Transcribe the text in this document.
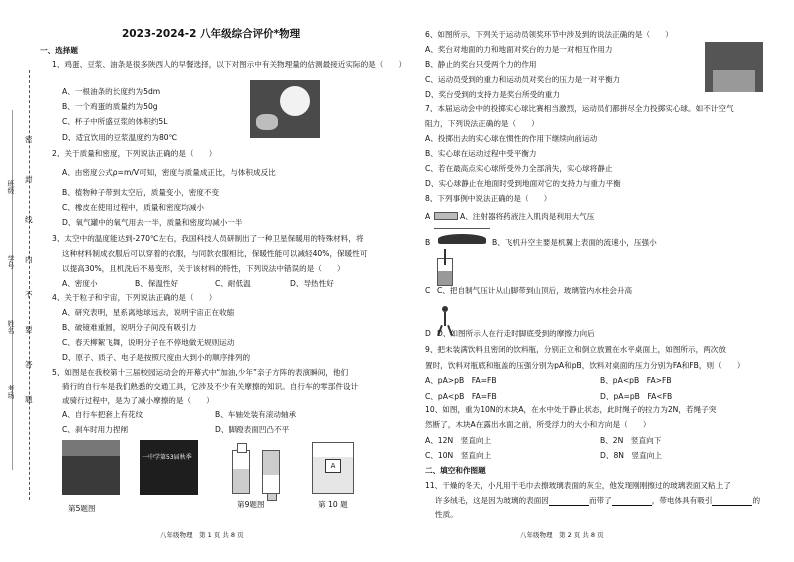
密
封
线
内
不
要
答
题
班级
学号
姓名
考场
2023-2024-2 八年级综合评价*物理
一、选择题
1、鸡蛋、豆浆、油条是很多陕西人的早餐选择，以下对图示中有关物理量的估测最接近实际的是（　　）
A、一根油条的长度约为5dm
B、一个鸡蛋的质量约为50g
C、杯子中所盛豆浆的体积约5L
D、适宜饮用的豆浆温度约为80℃
2、关于质量和密度，下列说法正确的是（　　）
A、由密度公式ρ=m/V可知，密度与质量成正比，与体积成反比
B、植物种子带到太空后，质量变小，密度不变
C、橡皮在使用过程中，质量和密度均减小
D、氧气罐中的氧气用去一半，质量和密度均减小一半
3、太空中的温度能达到-270℃左右，我国科技人员研制出了一种卫星保暖用的特殊材料，将
这种材料制成衣服后可以穿着的衣服，与同款衣服相比，保暖性能可以减轻40%，保暖性可
以提高30%，且机洗后不易变形，关于该材料的特性，下列说法中错误的是（　　）
A、密度小	B、保温性好	C、耐低温	D、导热性好
4、关于粒子和宇宙，下列说法正确的是（　　）
A、研究表明，星系离地球远去，说明宇宙正在收缩
B、破镜难重圆，说明分子间没有吸引力
C、春天柳絮飞舞，说明分子在不停地做无规则运动
D、原子、质子、电子是按照尺度由大到小的顺序排列的
5、如图是在我校第十三届校园运动会的开幕式中“加油,少年”亲子方阵的表演瞬间，他们
骑行的自行车是我们熟悉的交通工具，它涉及不少有关摩擦的知识。自行车的零部件设计
或骑行过程中，是为了减小摩擦的是（　　）
A、自行车把套上有花纹	B、车轴处装有滚动轴承
C、刹车时用力捏闸	D、脚蹬表面凹凸不平
一中学第53届秋季
A
第5题图	第9题图	第 10 题
八年级物理　第 1 页 共 8 页
6、如图所示，下列关于运动员领奖环节中涉及到的说法正确的是（　　）
A、奖台对地面的力和地面对奖台的力是一对相互作用力
B、静止的奖台只受两个力的作用
C、运动员受到的重力和运动员对奖台的压力是一对平衡力
D、奖台受到的支持力是奖台所受的重力
7、本届运动会中的投掷实心球比赛相当激烈，运动员们都拼尽全力投掷实心球。如不计空气
阻力，下列说法正确的是（　　）
A、投掷出去的实心球在惯性的作用下继续向前运动
B、实心球在运动过程中受平衡力
C、若在最高点实心球所受外力全部消失，实心球将静止
D、实心球静止在地面时受到地面对它的支持力与重力平衡
8、下列事例中说法正确的是（　　）
A	A、注射器将药液注入肌肉是利用大气压
B	B、飞机升空主要是机翼上表面的流速小，压强小
C C、把自制气压计从山脚带到山顶后，玻璃管内水柱会升高
D D、如图所示人在行走时脚底受到的摩擦力向后
9、把未装满饮料且密闭的饮料瓶，分别正立和倒立放置在水平桌面上，如图所示，两次放
置时，饮料对瓶底和瓶盖的压强分别为pA和pB，饮料对桌面的压力分别为FA和FB，则（　　）
A、pA>pB　FA=FB	B、pA<pB　FA>FB
C、pA<pB　FA=FB	D、pA=pB　FA<FB
10、如图，重为10N的木块A，在水中处于静止状态，此时绳子的拉力为2N，若绳子突
然断了，木块A在露出水面之前，所受浮力的大小和方向是（　　）
A、12N　竖直向上	B、2N　竖直向下
C、10N　竖直向上	D、8N　竖直向上
二、填空和作图题
11、干燥的冬天，小凡用干毛巾去擦玻璃表面的灰尘，他发现刚刚擦过的玻璃表面又粘上了
许多绒毛，这是因为玻璃的表面因	而带了	，带电体具有吸引	的
性质。
八年级物理　第 2 页 共 8 页
